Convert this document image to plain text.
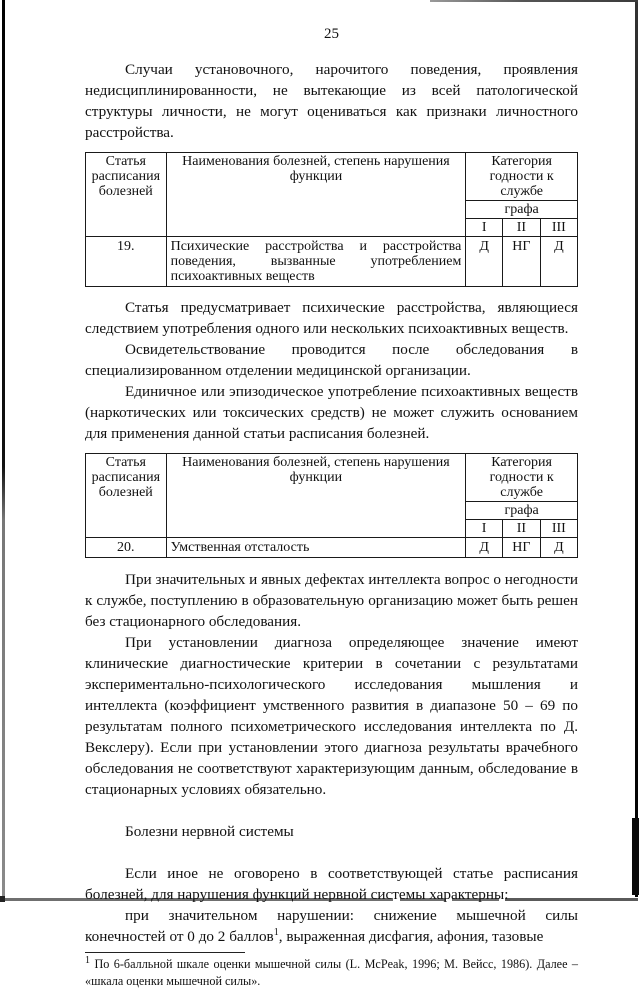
25

Случаи установочного, нарочитого поведения, проявления недисциплинированности, не вытекающие из всей патологической структуры личности, не могут оцениваться как признаки личностного расстройства.

Статья расписания болезней	Наименования болезней, степень нарушения функции	Категория годности к службе		
		графа		
		I	II	III
19.	Психические расстройства и расстройства поведения, вызванные употреблением психоактивных веществ	Д	НГ	Д

Статья предусматривает психические расстройства, являющиеся следствием употребления одного или нескольких психоактивных веществ.

Освидетельствование проводится после обследования в специализированном отделении медицинской организации.

Единичное или эпизодическое употребление психоактивных веществ (наркотических или токсических средств) не может служить основанием для применения данной статьи расписания болезней.

Статья расписания болезней	Наименования болезней, степень нарушения функции	Категория годности к службе		
		графа		
		I	II	III
20.	Умственная отсталость	Д	НГ	Д

При значительных и явных дефектах интеллекта вопрос о негодности к службе, поступлению в образовательную организацию может быть решен без стационарного обследования.

При установлении диагноза определяющее значение имеют клинические диагностические критерии в сочетании с результатами экспериментально-психологического исследования мышления и интеллекта (коэффициент умственного развития в диапазоне 50 – 69 по результатам полного психометрического исследования интеллекта по Д. Векслеру). Если при установлении этого диагноза результаты врачебного обследования не соответствуют характеризующим данным, обследование в стационарных условиях обязательно.

Болезни нервной системы

Если иное не оговорено в соответствующей статье расписания болезней, для нарушения функций нервной системы характерны:

при значительном нарушении: снижение мышечной силы конечностей от 0 до 2 баллов$^1$, выраженная дисфагия, афония, тазовые

$^1$ По 6-балльной шкале оценки мышечной силы (L. McPeak, 1996; М. Вейсс, 1986). Далее – «шкала оценки мышечной силы».
